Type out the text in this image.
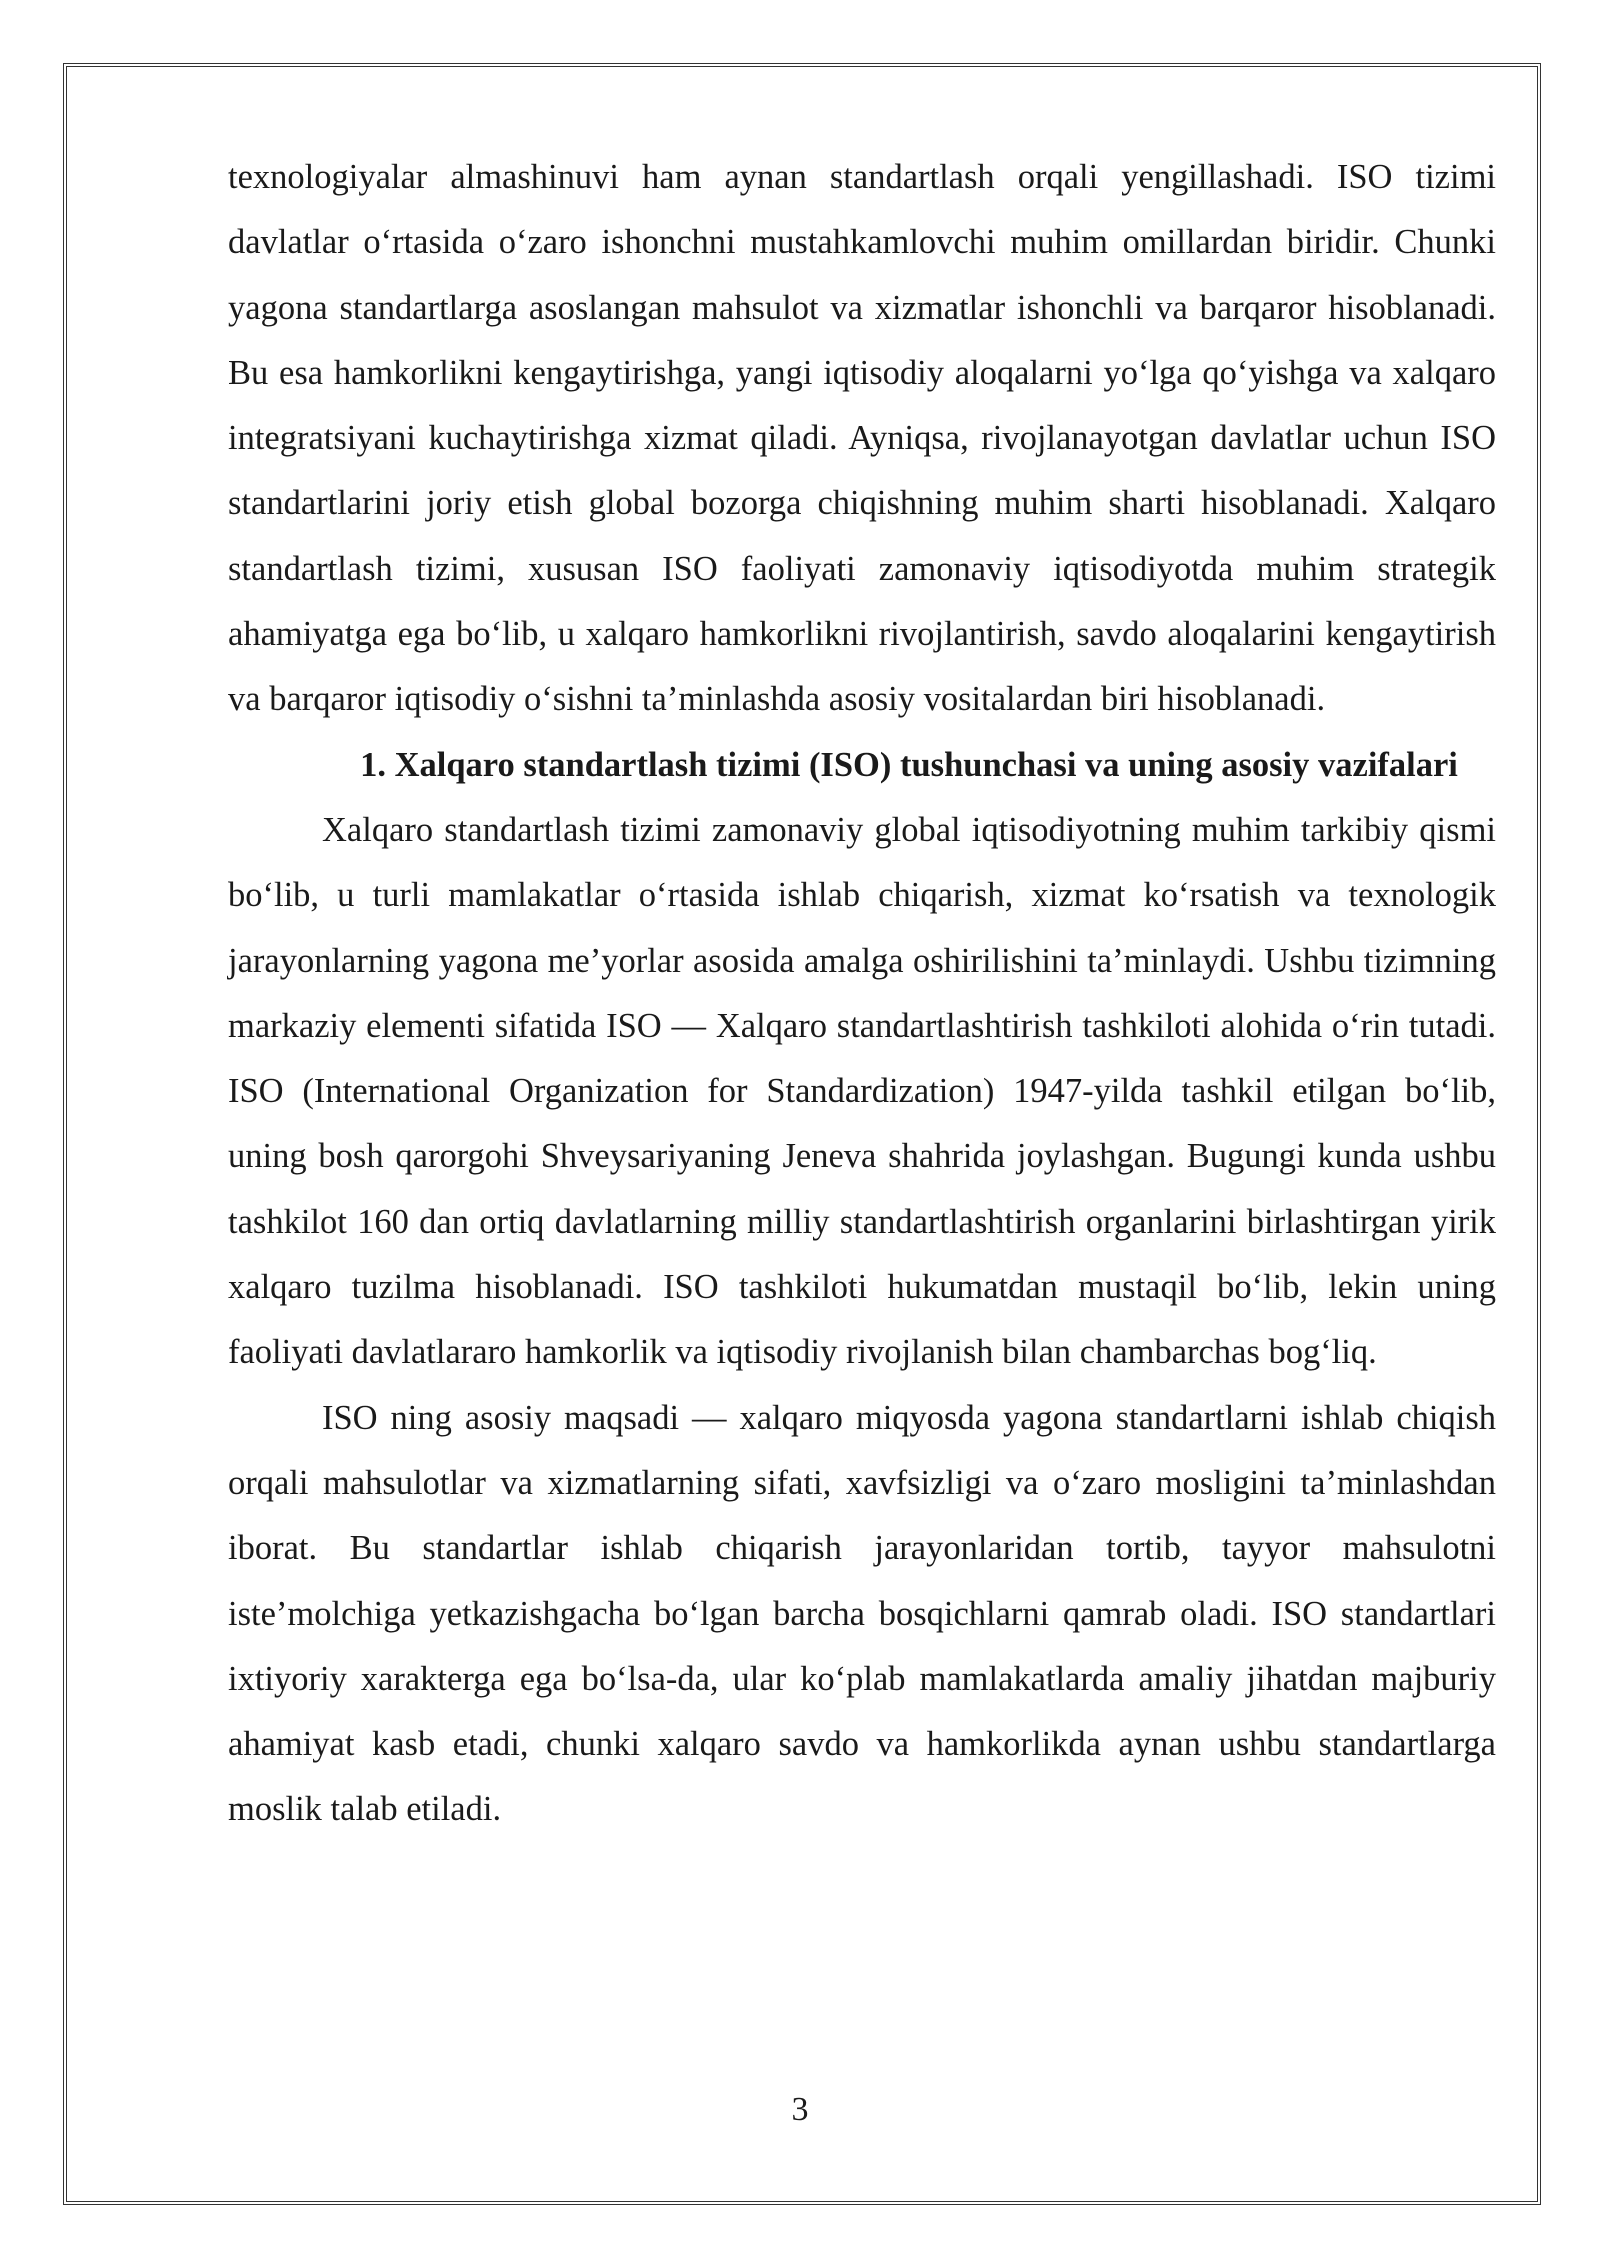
texnologiyalar almashinuvi ham aynan standartlash orqali yengillashadi. ISO tizimi davlatlar o‘rtasida o‘zaro ishonchni mustahkamlovchi muhim omillardan biridir. Chunki yagona standartlarga asoslangan mahsulot va xizmatlar ishonchli va barqaror hisoblanadi. Bu esa hamkorlikni kengaytirishga, yangi iqtisodiy aloqalarni yo‘lga qo‘yishga va xalqaro integratsiyani kuchaytirishga xizmat qiladi. Ayniqsa, rivojlanayotgan davlatlar uchun ISO standartlarini joriy etish global bozorga chiqishning muhim sharti hisoblanadi. Xalqaro standartlash tizimi, xususan ISO faoliyati zamonaviy iqtisodiyotda muhim strategik ahamiyatga ega bo‘lib, u xalqaro hamkorlikni rivojlantirish, savdo aloqalarini kengaytirish va barqaror iqtisodiy o‘sishni ta’minlashda asosiy vositalardan biri hisoblanadi.

1. Xalqaro standartlash tizimi (ISO) tushunchasi va uning asosiy vazifalari

Xalqaro standartlash tizimi zamonaviy global iqtisodiyotning muhim tarkibiy qismi bo‘lib, u turli mamlakatlar o‘rtasida ishlab chiqarish, xizmat ko‘rsatish va texnologik jarayonlarning yagona me’yorlar asosida amalga oshirilishini ta’minlaydi. Ushbu tizimning markaziy elementi sifatida ISO — Xalqaro standartlashtirish tashkiloti alohida o‘rin tutadi. ISO (International Organization for Standardization) 1947-yilda tashkil etilgan bo‘lib, uning bosh qarorgohi Shveysariyaning Jeneva shahrida joylashgan. Bugungi kunda ushbu tashkilot 160 dan ortiq davlatlarning milliy standartlashtirish organlarini birlashtirgan yirik xalqaro tuzilma hisoblanadi. ISO tashkiloti hukumatdan mustaqil bo‘lib, lekin uning faoliyati davlatlararo hamkorlik va iqtisodiy rivojlanish bilan chambarchas bog‘liq.

ISO ning asosiy maqsadi — xalqaro miqyosda yagona standartlarni ishlab chiqish orqali mahsulotlar va xizmatlarning sifati, xavfsizligi va o‘zaro mosligini ta’minlashdan iborat. Bu standartlar ishlab chiqarish jarayonlaridan tortib, tayyor mahsulotni iste’molchiga yetkazishgacha bo‘lgan barcha bosqichlarni qamrab oladi. ISO standartlari ixtiyoriy xarakterga ega bo‘lsa-da, ular ko‘plab mamlakatlarda amaliy jihatdan majburiy ahamiyat kasb etadi, chunki xalqaro savdo va hamkorlikda aynan ushbu standartlarga moslik talab etiladi.

3
